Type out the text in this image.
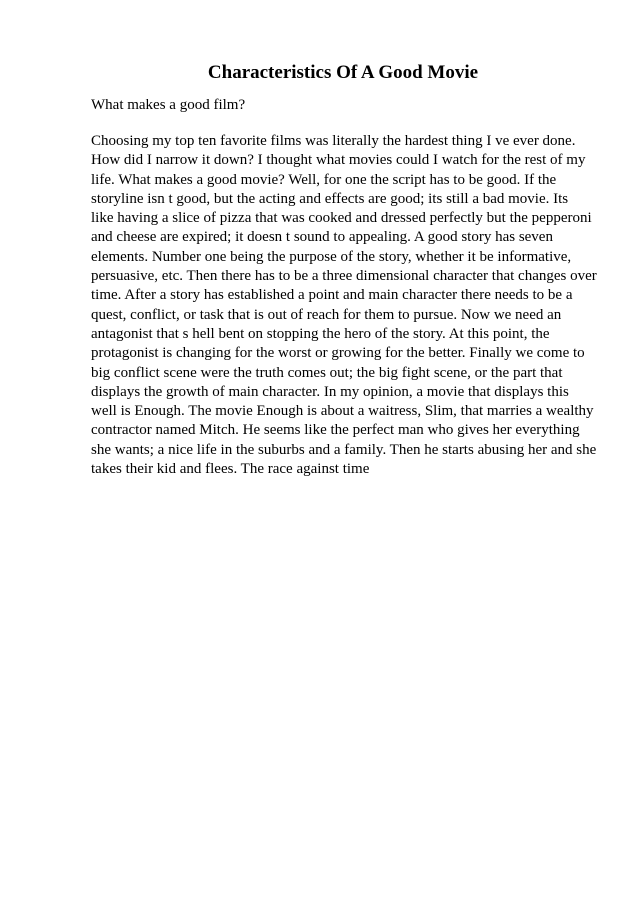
Characteristics Of A Good Movie

What makes a good film?

Choosing my top ten favorite films was literally the hardest thing I ve ever done.
How did I narrow it down? I thought what movies could I watch for the rest of my
life. What makes a good movie? Well, for one the script has to be good. If the
storyline isn t good, but the acting and effects are good; its still a bad movie. Its
like having a slice of pizza that was cooked and dressed perfectly but the pepperoni
and cheese are expired; it doesn t sound to appealing. A good story has seven
elements. Number one being the purpose of the story, whether it be informative,
persuasive, etc. Then there has to be a three dimensional character that changes over
time. After a story has established a point and main character there needs to be a
quest, conflict, or task that is out of reach for them to pursue. Now we need an
antagonist that s hell bent on stopping the hero of the story. At this point, the
protagonist is changing for the worst or growing for the better. Finally we come to
big conflict scene were the truth comes out; the big fight scene, or the part that
displays the growth of main character. In my opinion, a movie that displays this
well is Enough. The movie Enough is about a waitress, Slim, that marries a wealthy
contractor named Mitch. He seems like the perfect man who gives her everything
she wants; a nice life in the suburbs and a family. Then he starts abusing her and she
takes their kid and flees. The race against time
